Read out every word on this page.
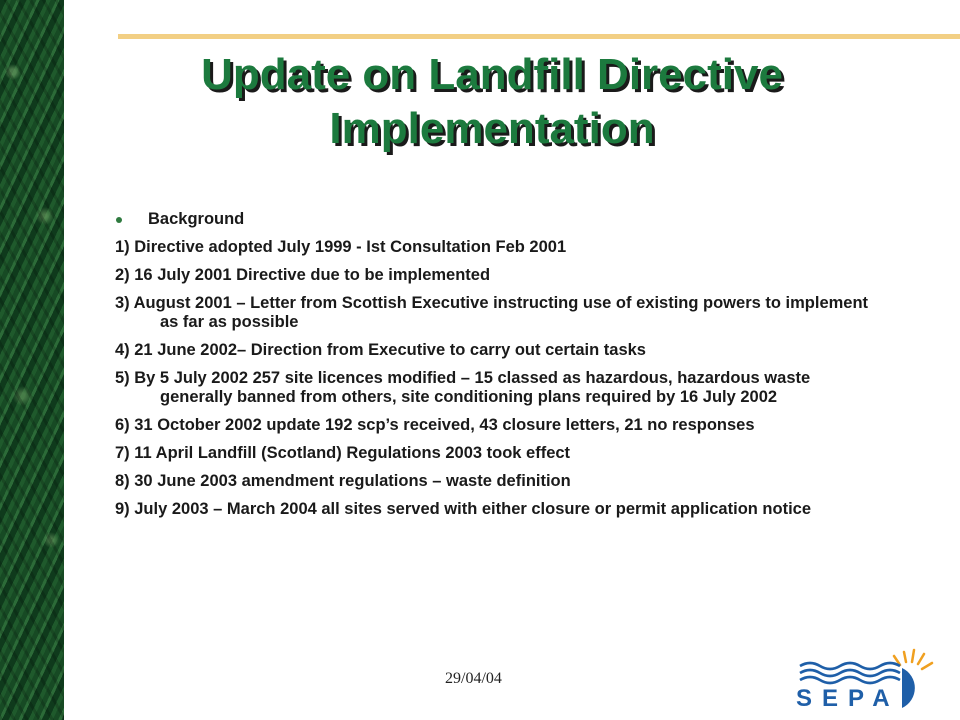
Update on Landfill Directive Implementation
Background
1) Directive adopted July 1999 - Ist Consultation Feb 2001
2) 16 July 2001 Directive due to be implemented
3) August 2001 – Letter from Scottish Executive instructing use of existing powers to implement as far as possible
4) 21 June 2002– Direction from Executive to carry out certain tasks
5) By 5 July 2002 257 site licences modified – 15 classed as hazardous, hazardous waste generally banned from others, site conditioning plans required by 16 July 2002
6) 31 October 2002 update 192 scp’s received, 43 closure letters, 21 no responses
7) 11 April Landfill (Scotland) Regulations 2003 took effect
8) 30 June 2003 amendment regulations – waste definition
9) July 2003 – March 2004 all sites served with either closure or permit application notice
29/04/04
SEPA
